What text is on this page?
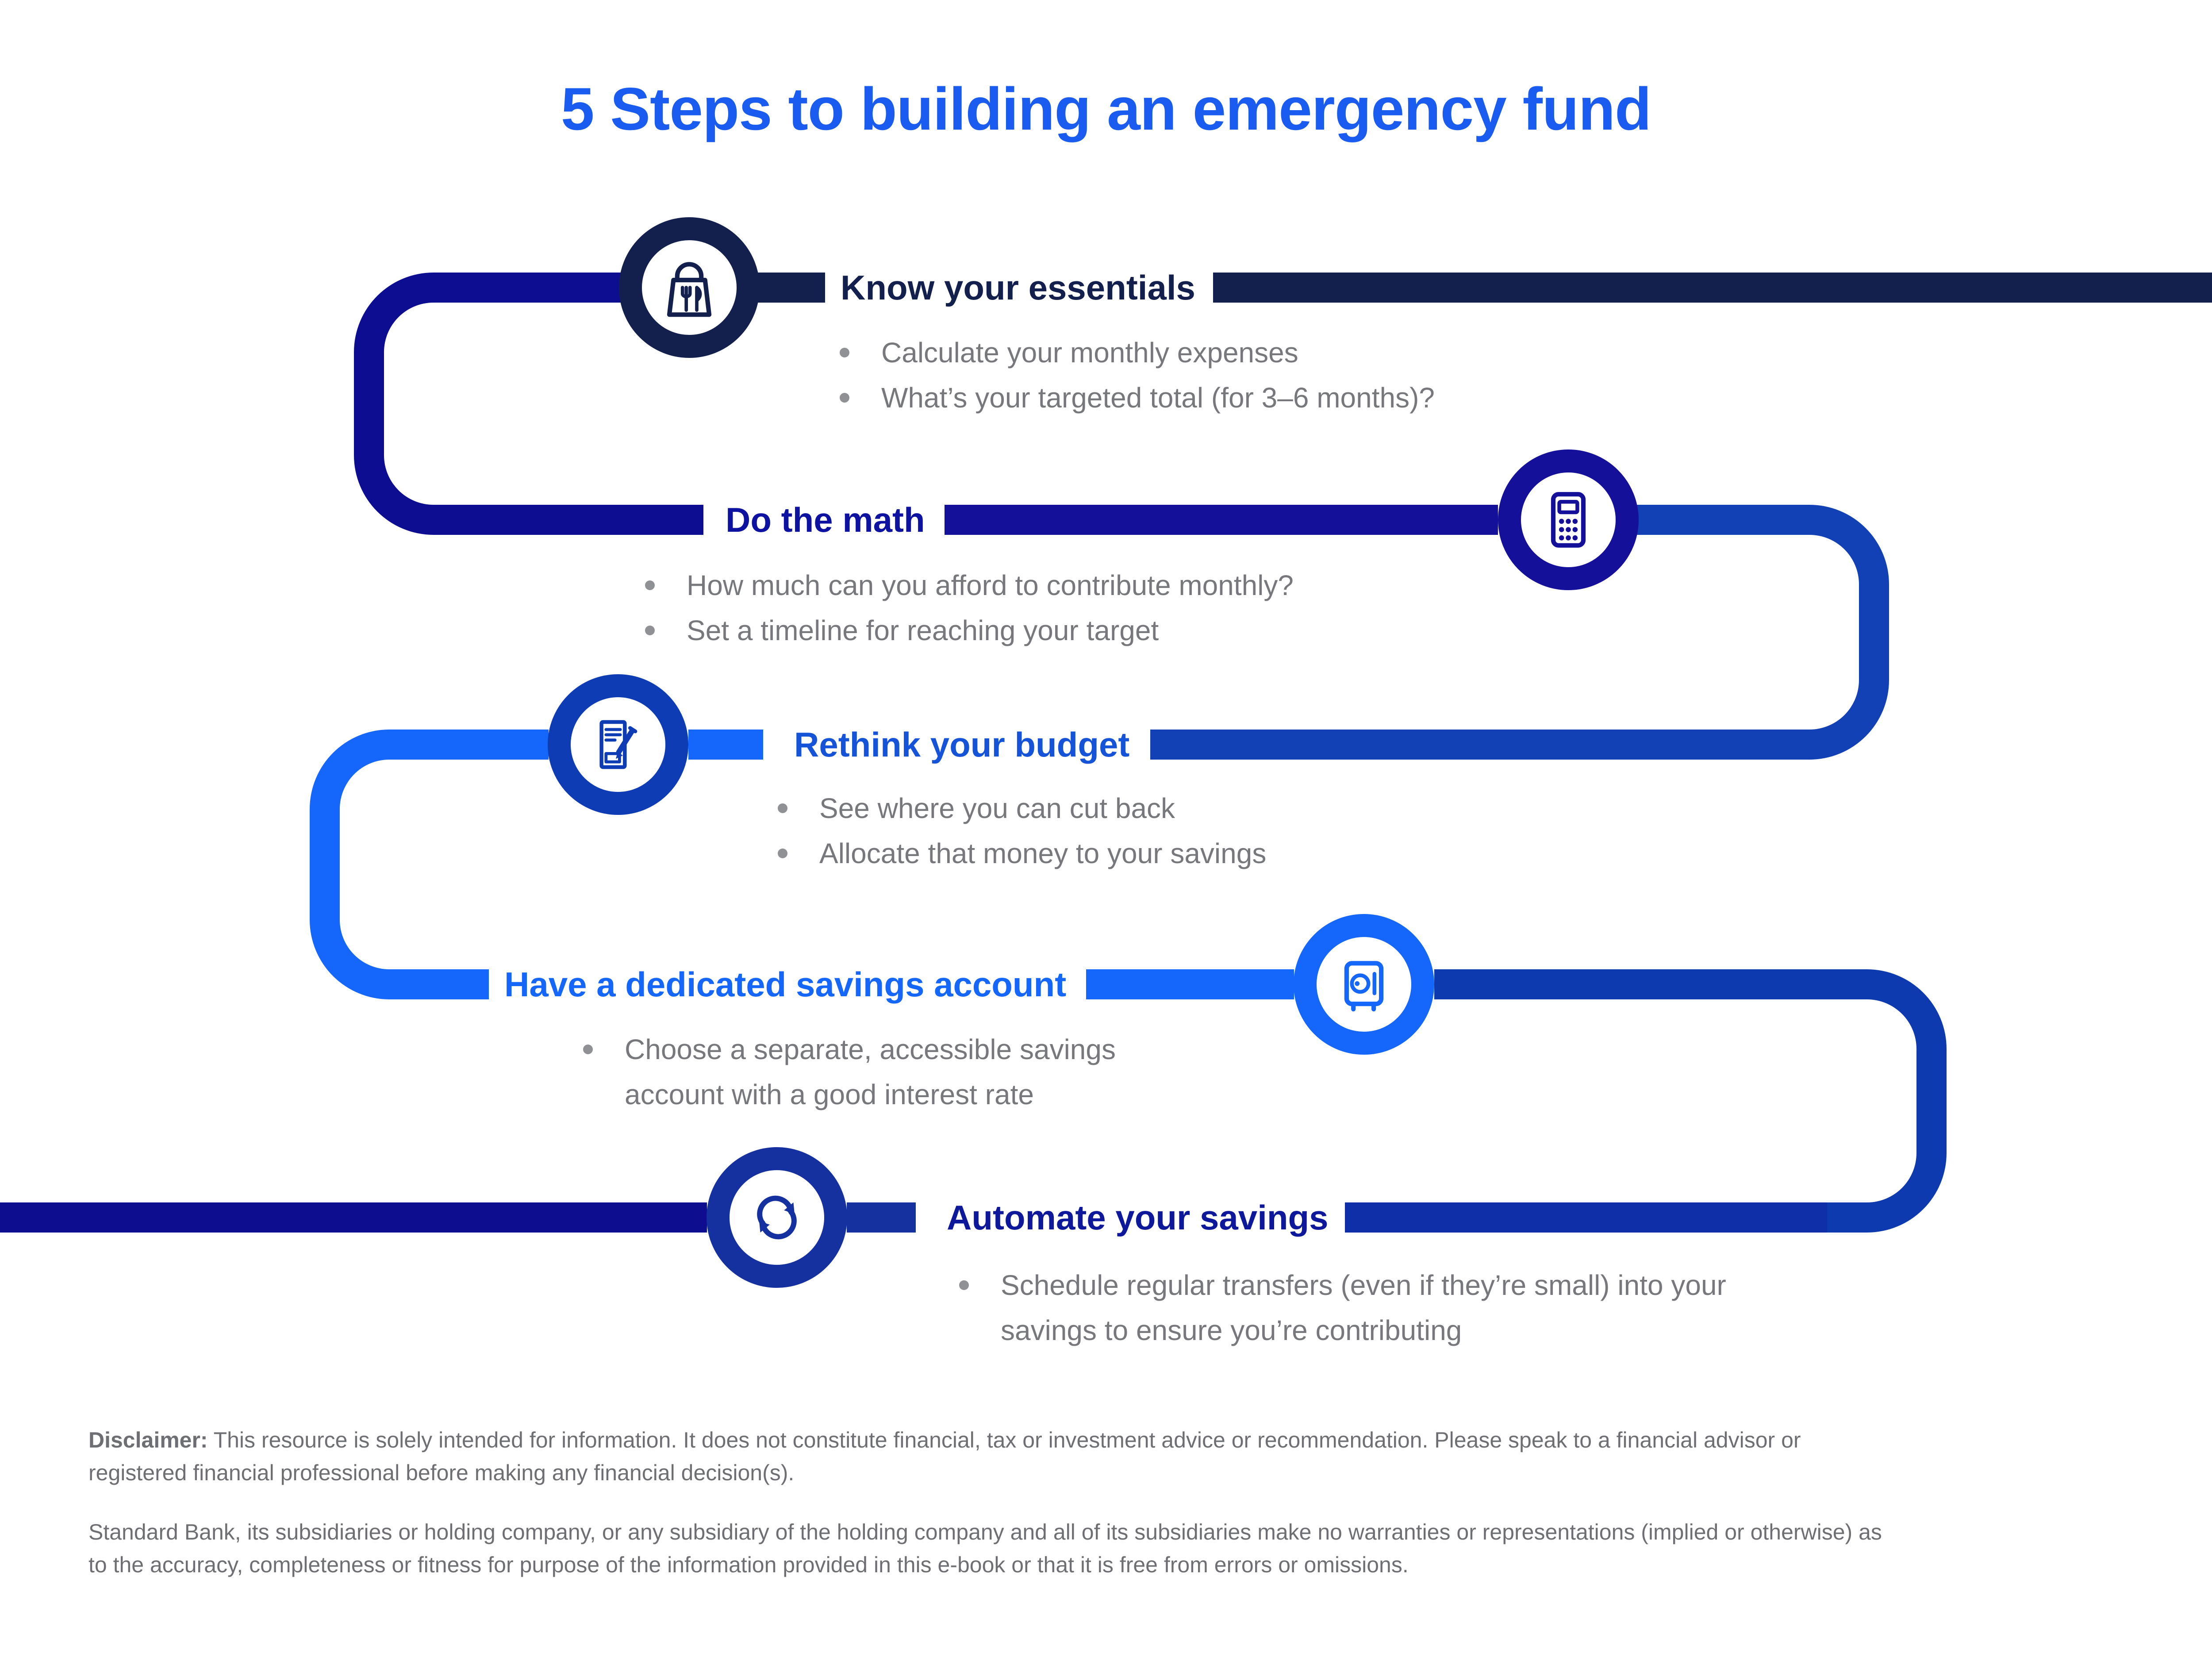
5 Steps to building an emergency fund
Know your essentials
Calculate your monthly expenses
What’s your targeted total (for 3–6 months)?
Do the math
How much can you afford to contribute monthly?
Set a timeline for reaching your target
Rethink your budget
See where you can cut back
Allocate that money to your savings
Have a dedicated savings account
Choose a separate, accessible savings account with a good interest rate
Automate your savings
Schedule regular transfers (even if they’re small) into your savings to ensure you’re contributing

Disclaimer: This resource is solely intended for information. It does not constitute financial, tax or investment advice or recommendation. Please speak to a financial advisor or
registered financial professional before making any financial decision(s).

Standard Bank, its subsidiaries or holding company, or any subsidiary of the holding company and all of its subsidiaries make no warranties or representations (implied or otherwise) as
to the accuracy, completeness or fitness for purpose of the information provided in this e-book or that it is free from errors or omissions.
